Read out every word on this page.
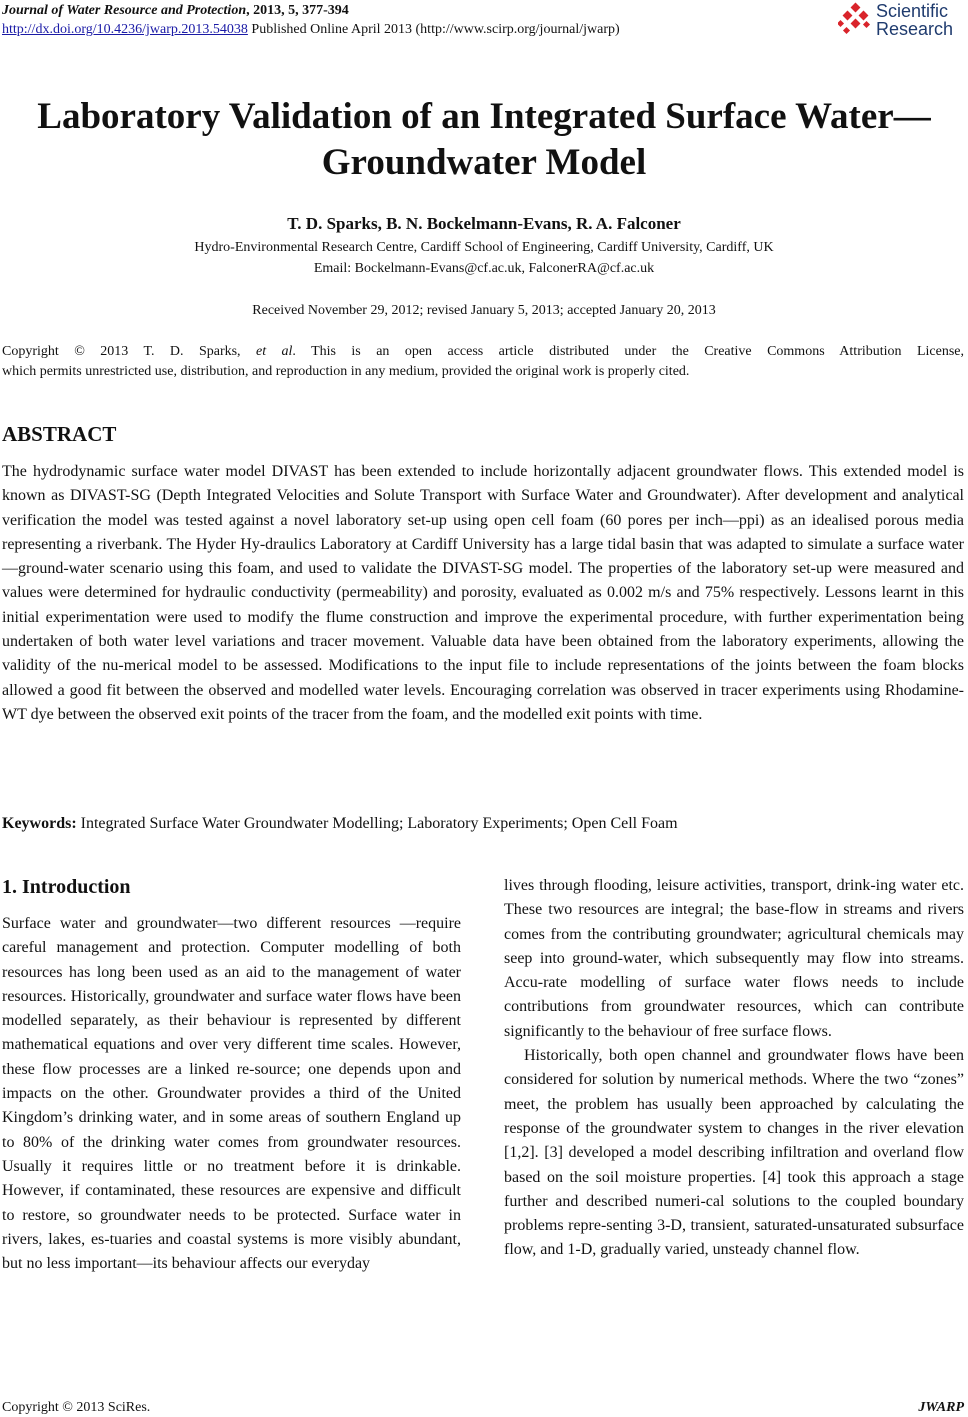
Journal of Water Resource and Protection, 2013, 5, 377-394
http://dx.doi.org/10.4236/jwarp.2013.54038 Published Online April 2013 (http://www.scirp.org/journal/jwarp)
Scientific
Research
Laboratory Validation of an Integrated Surface Water—
Groundwater Model
T. D. Sparks, B. N. Bockelmann-Evans, R. A. Falconer
Hydro-Environmental Research Centre, Cardiff School of Engineering, Cardiff University, Cardiff, UK
Email: Bockelmann-Evans@cf.ac.uk, FalconerRA@cf.ac.uk
Received November 29, 2012; revised January 5, 2013; accepted January 20, 2013

Copyright © 2013 T. D. Sparks, et al. This is an open access article distributed under the Creative Commons Attribution License,

which permits unrestricted use, distribution, and reproduction in any medium, provided the original work is properly cited.

ABSTRACT
The hydrodynamic surface water model DIVAST has been extended to include horizontally adjacent groundwater flows. This extended model is known as DIVAST-SG (Depth Integrated Velocities and Solute Transport with Surface Water and Groundwater). After development and analytical verification the model was tested against a novel laboratory set-up using open cell foam (60 pores per inch—ppi) as an idealised porous media representing a riverbank. The Hyder Hy-draulics Laboratory at Cardiff University has a large tidal basin that was adapted to simulate a surface water—ground-water scenario using this foam, and used to validate the DIVAST-SG model. The properties of the laboratory set-up were measured and values were determined for hydraulic conductivity (permeability) and porosity, evaluated as 0.002 m/s and 75% respectively. Lessons learnt in this initial experimentation were used to modify the flume construction and improve the experimental procedure, with further experimentation being undertaken of both water level variations and tracer movement. Valuable data have been obtained from the laboratory experiments, allowing the validity of the nu-merical model to be assessed. Modifications to the input file to include representations of the joints between the foam blocks allowed a good fit between the observed and modelled water levels. Encouraging correlation was observed in tracer experiments using Rhodamine-WT dye between the observed exit points of the tracer from the foam, and the modelled exit points with time.
Keywords: Integrated Surface Water Groundwater Modelling; Laboratory Experiments; Open Cell Foam
1. Introduction

Surface water and groundwater—two different resources —require careful management and protection. Computer modelling of both resources has long been used as an aid to the management of water resources. Historically, groundwater and surface water flows have been modelled separately, as their behaviour is represented by different mathematical equations and over very different time scales. However, these flow processes are a linked re-source; one depends upon and impacts on the other. Groundwater provides a third of the United Kingdom’s drinking water, and in some areas of southern England up to 80% of the drinking water comes from groundwater resources. Usually it requires little or no treatment before it is drinkable. However, if contaminated, these resources are expensive and difficult to restore, so groundwater needs to be protected. Surface water in rivers, lakes, es-tuaries and coastal systems is more visibly abundant, but no less important—its behaviour affects our everyday

lives through flooding, leisure activities, transport, drink-ing water etc. These two resources are integral; the base-flow in streams and rivers comes from the contributing groundwater; agricultural chemicals may seep into ground-water, which subsequently may flow into streams. Accu-rate modelling of surface water flows needs to include contributions from groundwater resources, which can contribute significantly to the behaviour of free surface flows.

Historically, both open channel and groundwater flows have been considered for solution by numerical methods. Where the two “zones” meet, the problem has usually been approached by calculating the response of the groundwater system to changes in the river elevation [1,2]. [3] developed a model describing infiltration and overland flow based on the soil moisture properties. [4] took this approach a stage further and described numeri-cal solutions to the coupled boundary problems repre-senting 3-D, transient, saturated-unsaturated subsurface flow, and 1-D, gradually varied, unsteady channel flow.

Copyright © 2013 SciRes.	JWARP
